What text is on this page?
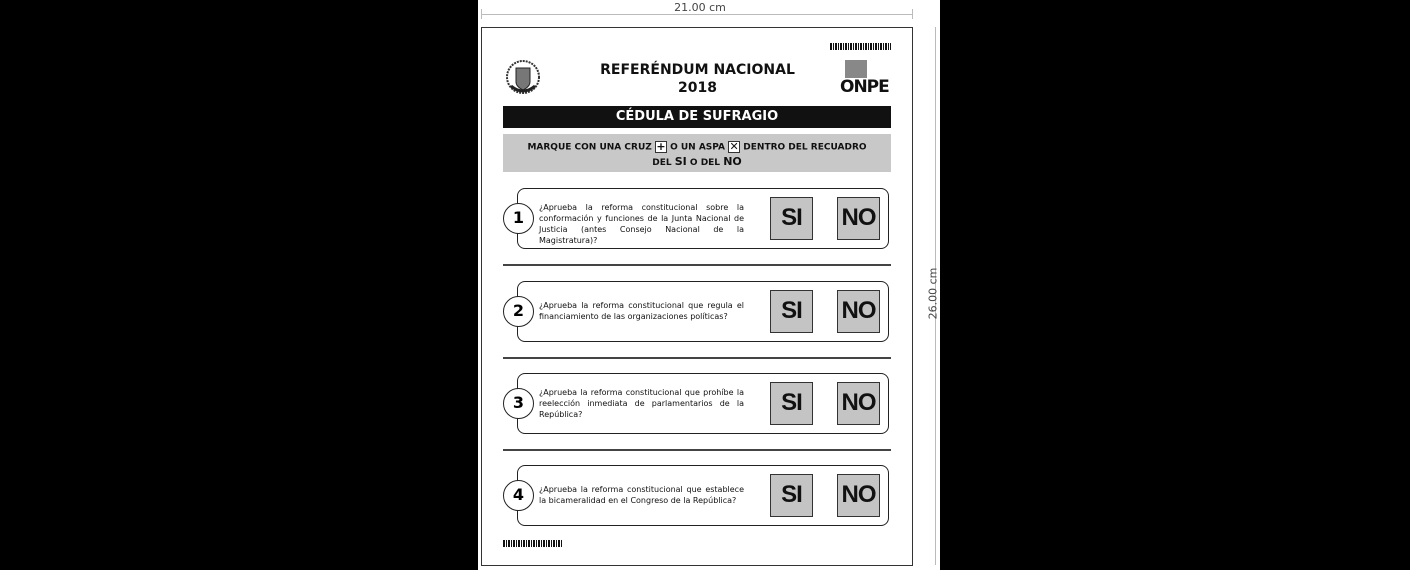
21.00 cm
26.00 cm
REFERÉNDUM NACIONAL
2018	ONPE
CÉDULA DE SUFRAGIO
MARQUE CON UNA CRUZ + O UN ASPA ✕ DENTRO DEL RECUADRO
DEL SI O DEL NO
1
¿Aprueba la reforma constitucional sobre la conformación y funciones de la Junta Nacional de Justicia (antes Consejo Nacional de la Magistratura)?
SI	NO
2	¿Aprueba la reforma constitucional que regula el financiamiento de las organizaciones políticas?	SI	NO
3
¿Aprueba la reforma constitucional que prohíbe la reelección inmediata de parlamentarios de la República?	SI	NO
4	¿Aprueba la reforma constitucional que establece la bicameralidad en el Congreso de la República?	SI	NO
